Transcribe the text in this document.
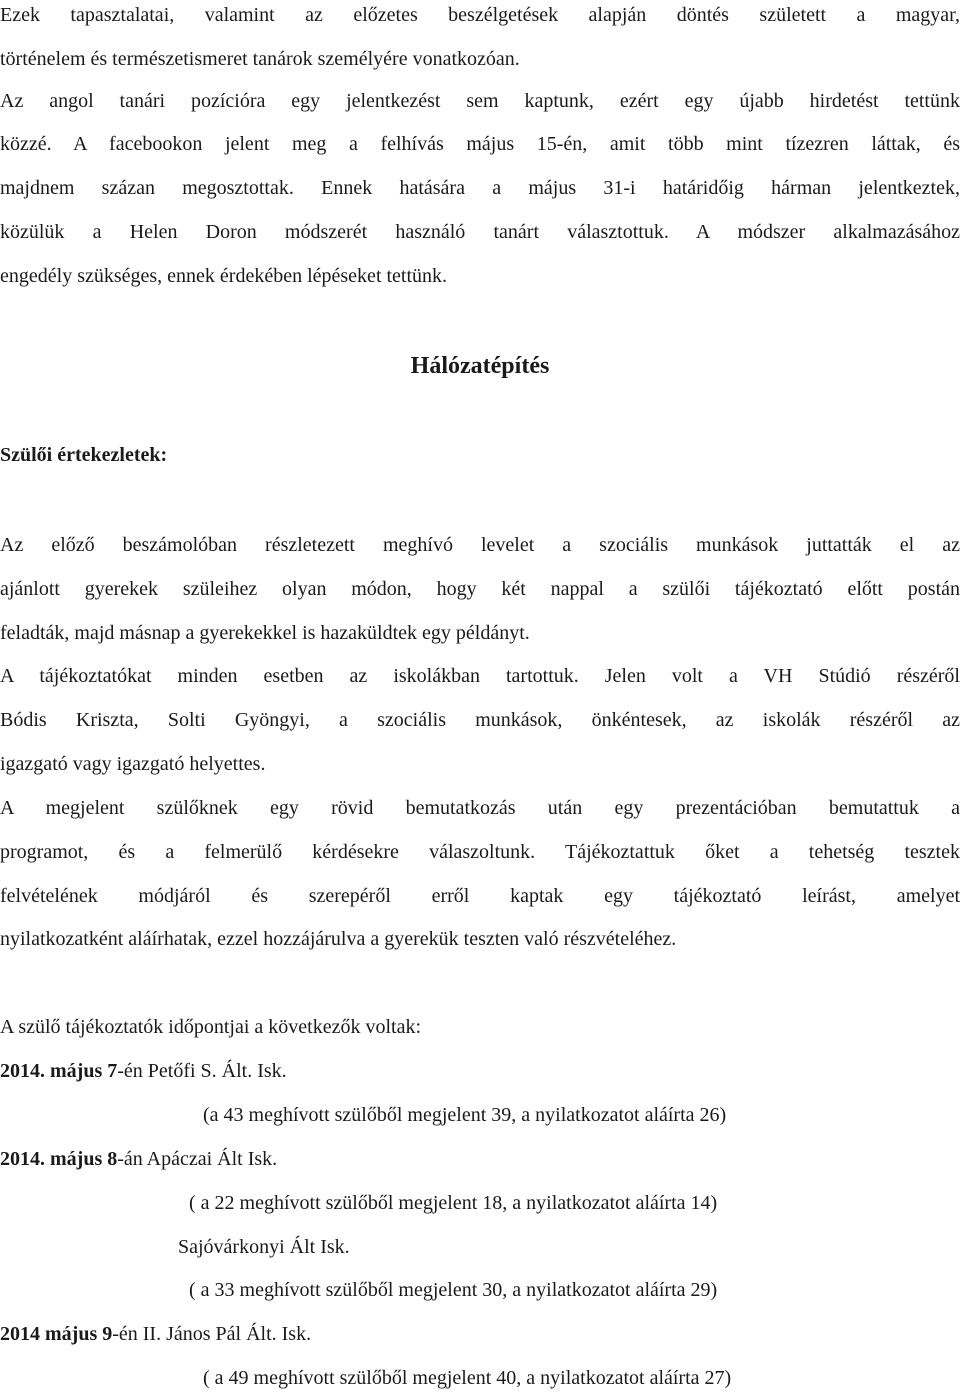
Ezek tapasztalatai, valamint az előzetes beszélgetések alapján döntés született a magyar,
történelem és természetismeret tanárok személyére vonatkozóan.
Az angol tanári pozícióra egy jelentkezést sem kaptunk, ezért egy újabb hirdetést tettünk
közzé. A facebookon jelent meg a felhívás május 15-én, amit több mint tízezren láttak, és
majdnem százan megosztottak. Ennek hatására a május 31-i határidőig hárman jelentkeztek,
közülük a Helen Doron módszerét használó tanárt választottuk. A módszer alkalmazásához
engedély szükséges, ennek érdekében lépéseket tettünk.
Hálózatépítés
Szülői értekezletek:
Az előző beszámolóban részletezett meghívó levelet a szociális munkások juttatták el az
ajánlott gyerekek szüleihez olyan módon, hogy két nappal a szülői tájékoztató előtt postán
feladták, majd másnap a gyerekekkel is hazaküldtek egy példányt.
A tájékoztatókat minden esetben az iskolákban tartottuk. Jelen volt a VH Stúdió részéről
Bódis Kriszta, Solti Gyöngyi, a szociális munkások, önkéntesek, az iskolák részéről az
igazgató vagy igazgató helyettes.
A megjelent szülőknek egy rövid bemutatkozás után egy prezentációban bemutattuk a
programot, és a felmerülő kérdésekre válaszoltunk. Tájékoztattuk őket a tehetség tesztek
felvételének módjáról és szerepéről erről kaptak egy tájékoztató leírást, amelyet
nyilatkozatként aláírhatak, ezzel hozzájárulva a gyerekük teszten való részvételéhez.
A szülő tájékoztatók időpontjai a következők voltak:
2014. május 7-én Petőfi S. Ált. Isk.
(a 43 meghívott szülőből megjelent 39, a nyilatkozatot aláírta 26)
2014. május 8-án Apáczai Ált Isk.
( a 22 meghívott szülőből megjelent 18, a nyilatkozatot aláírta 14)
Sajóvárkonyi Ált Isk.
( a 33 meghívott szülőből megjelent 30, a nyilatkozatot aláírta 29)
2014 május 9-én II. János Pál Ált. Isk.
( a 49 meghívott szülőből megjelent 40, a nyilatkozatot aláírta 27)
